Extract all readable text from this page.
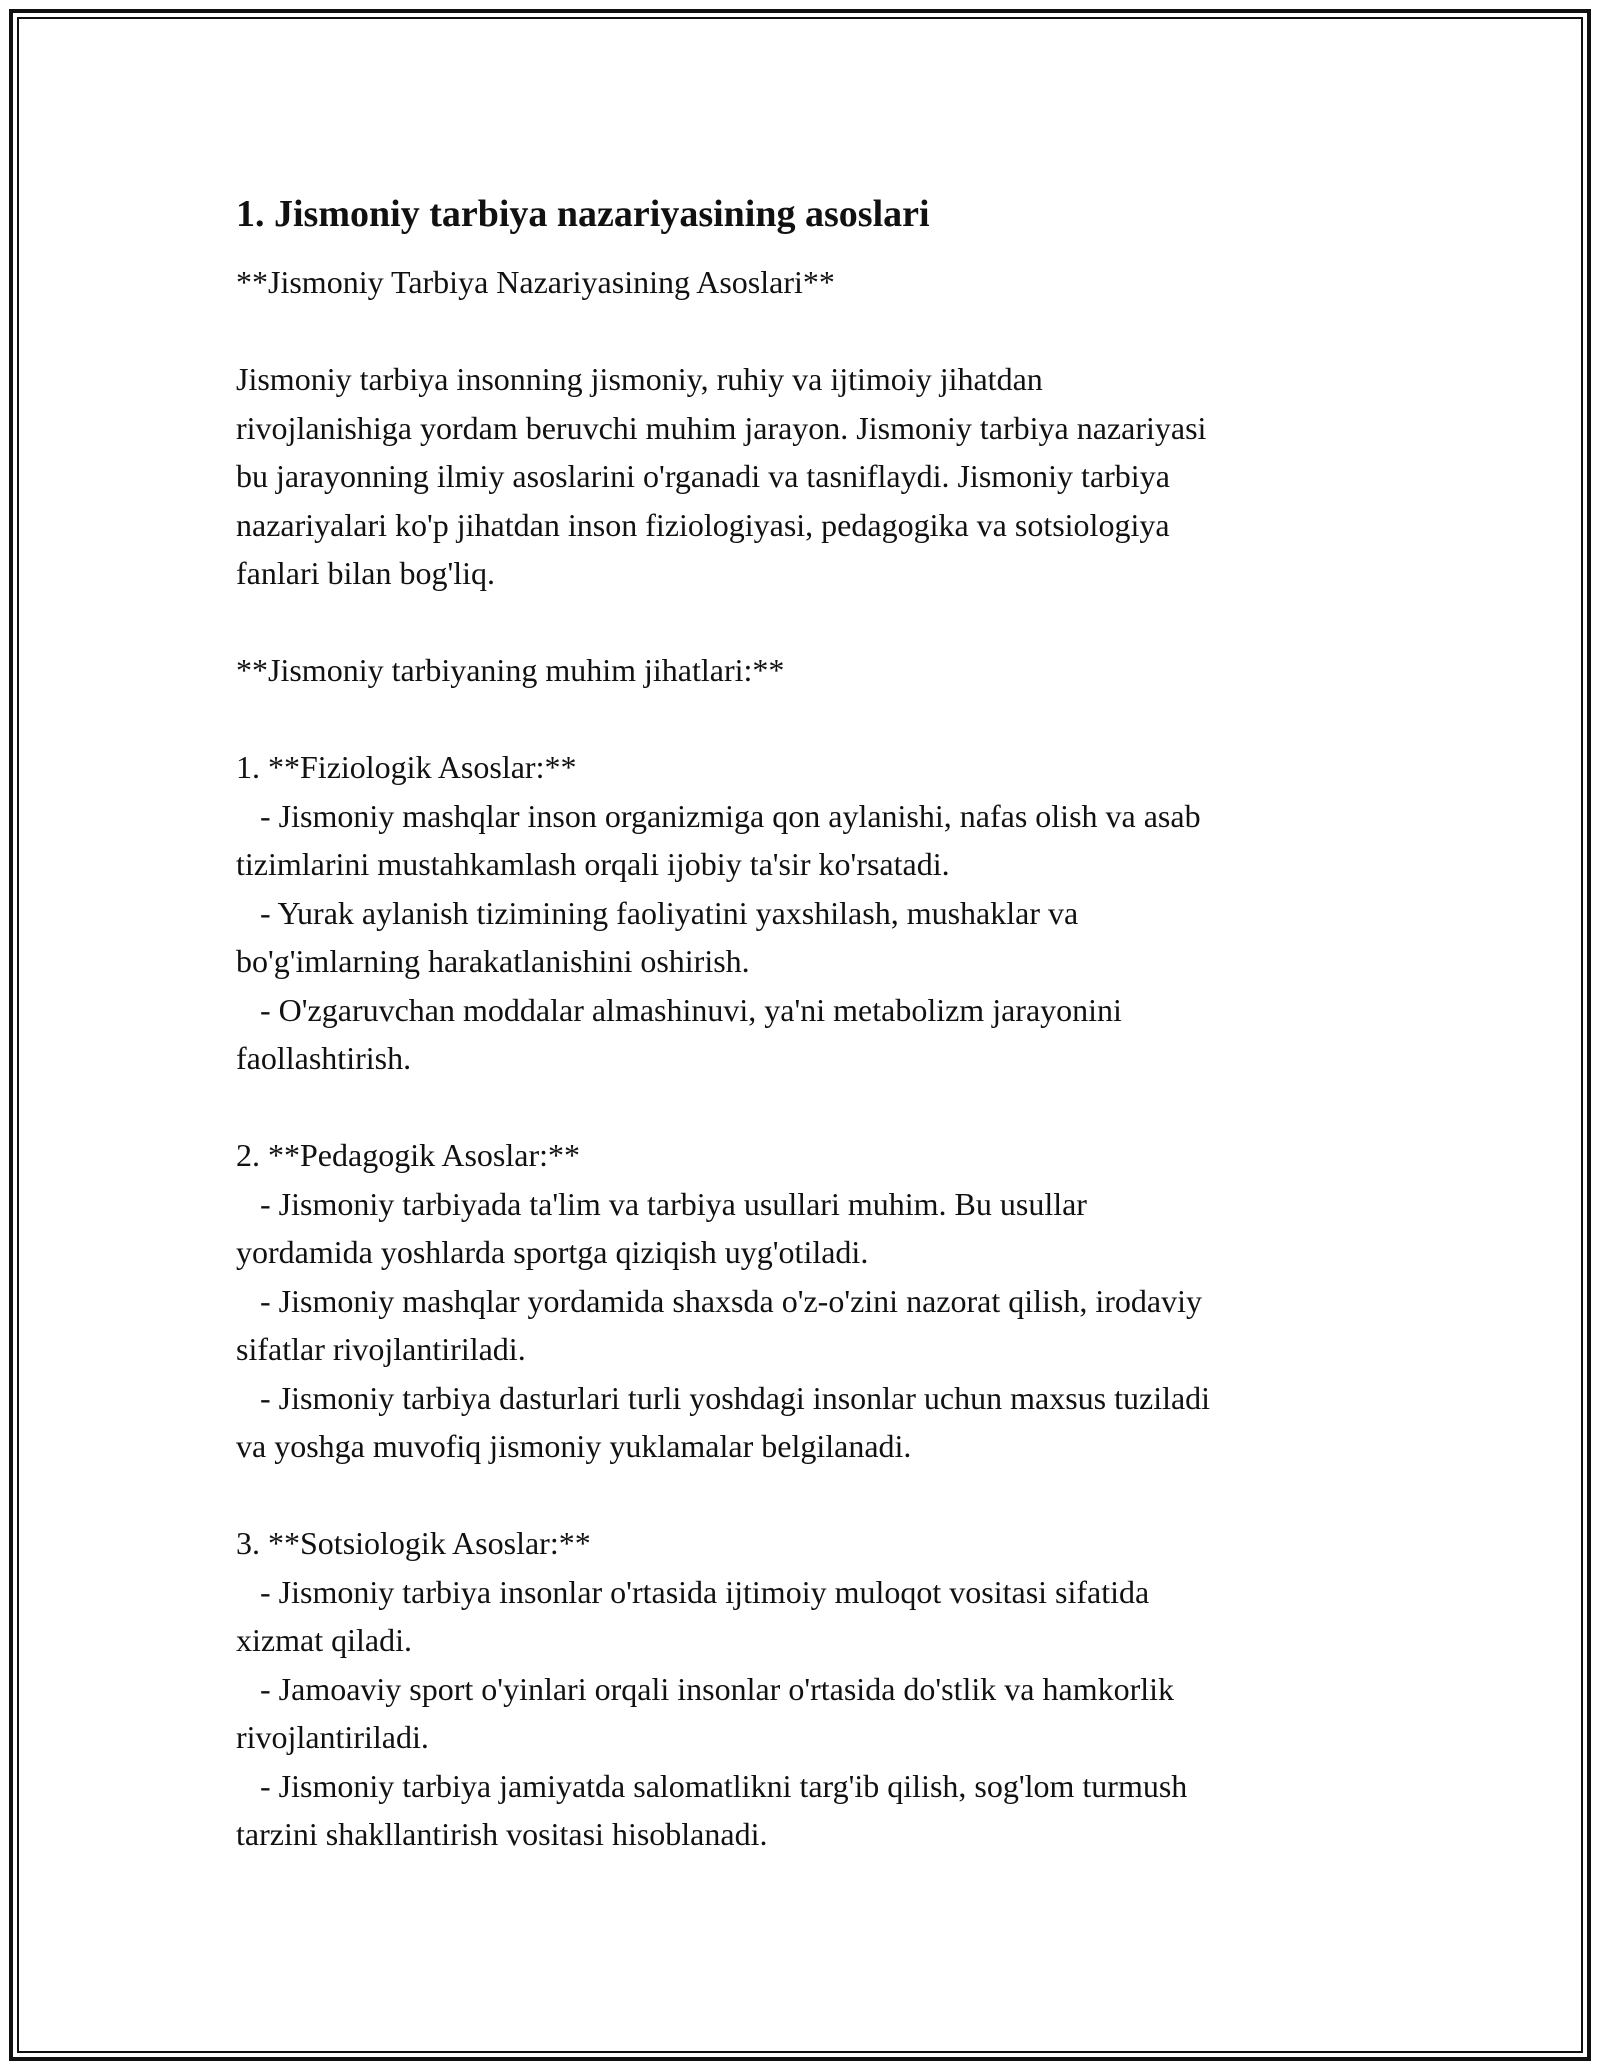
1. Jismoniy tarbiya nazariyasining asoslari

**Jismoniy Tarbiya Nazariyasining Asoslari**

Jismoniy tarbiya insonning jismoniy, ruhiy va ijtimoiy jihatdan
rivojlanishiga yordam beruvchi muhim jarayon. Jismoniy tarbiya nazariyasi
bu jarayonning ilmiy asoslarini o'rganadi va tasniflaydi. Jismoniy tarbiya
nazariyalari ko'p jihatdan inson fiziologiyasi, pedagogika va sotsiologiya
fanlari bilan bog'liq.

**Jismoniy tarbiyaning muhim jihatlari:**

1. **Fiziologik Asoslar:**
- Jismoniy mashqlar inson organizmiga qon aylanishi, nafas olish va asab
tizimlarini mustahkamlash orqali ijobiy ta'sir ko'rsatadi.
- Yurak aylanish tizimining faoliyatini yaxshilash, mushaklar va
bo'g'imlarning harakatlanishini oshirish.
- O'zgaruvchan moddalar almashinuvi, ya'ni metabolizm jarayonini
faollashtirish.

2. **Pedagogik Asoslar:**
- Jismoniy tarbiyada ta'lim va tarbiya usullari muhim. Bu usullar
yordamida yoshlarda sportga qiziqish uyg'otiladi.
- Jismoniy mashqlar yordamida shaxsda o'z-o'zini nazorat qilish, irodaviy
sifatlar rivojlantiriladi.
- Jismoniy tarbiya dasturlari turli yoshdagi insonlar uchun maxsus tuziladi
va yoshga muvofiq jismoniy yuklamalar belgilanadi.

3. **Sotsiologik Asoslar:**
- Jismoniy tarbiya insonlar o'rtasida ijtimoiy muloqot vositasi sifatida
xizmat qiladi.
- Jamoaviy sport o'yinlari orqali insonlar o'rtasida do'stlik va hamkorlik
rivojlantiriladi.
- Jismoniy tarbiya jamiyatda salomatlikni targ'ib qilish, sog'lom turmush
tarzini shakllantirish vositasi hisoblanadi.
